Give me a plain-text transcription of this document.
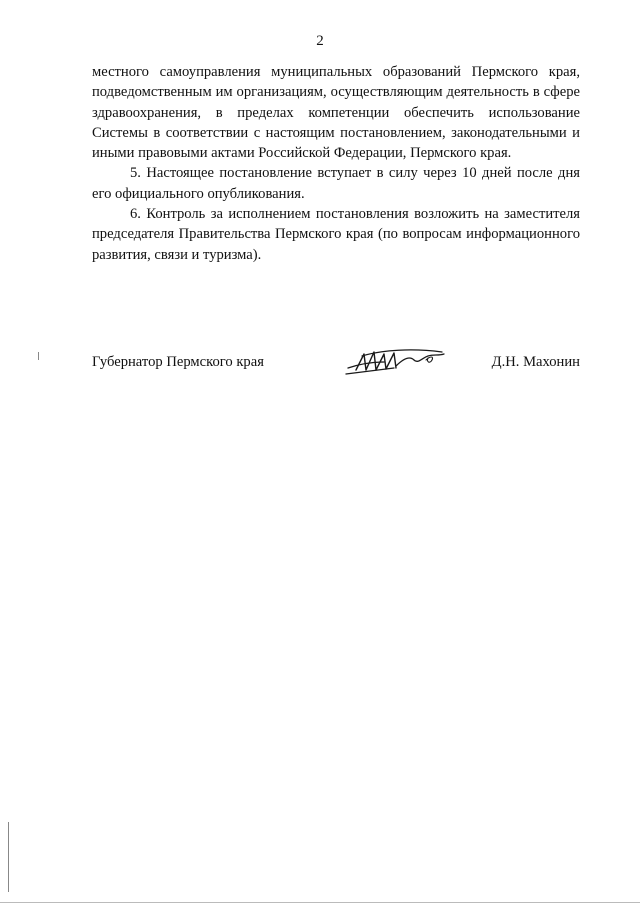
2

местного самоуправления муниципальных образований Пермского края, подведомственным им организациям, осуществляющим деятельность в сфере здравоохранения, в пределах компетенции обеспечить использование Системы в соответствии с настоящим постановлением, законодательными и иными правовыми актами Российской Федерации, Пермского края.

5. Настоящее постановление вступает в силу через 10 дней после дня его официального опубликования.

6. Контроль за исполнением постановления возложить на заместителя председателя Правительства Пермского края (по вопросам информационного развития, связи и туризма).

Губернатор Пермского края	Д.Н. Махонин
